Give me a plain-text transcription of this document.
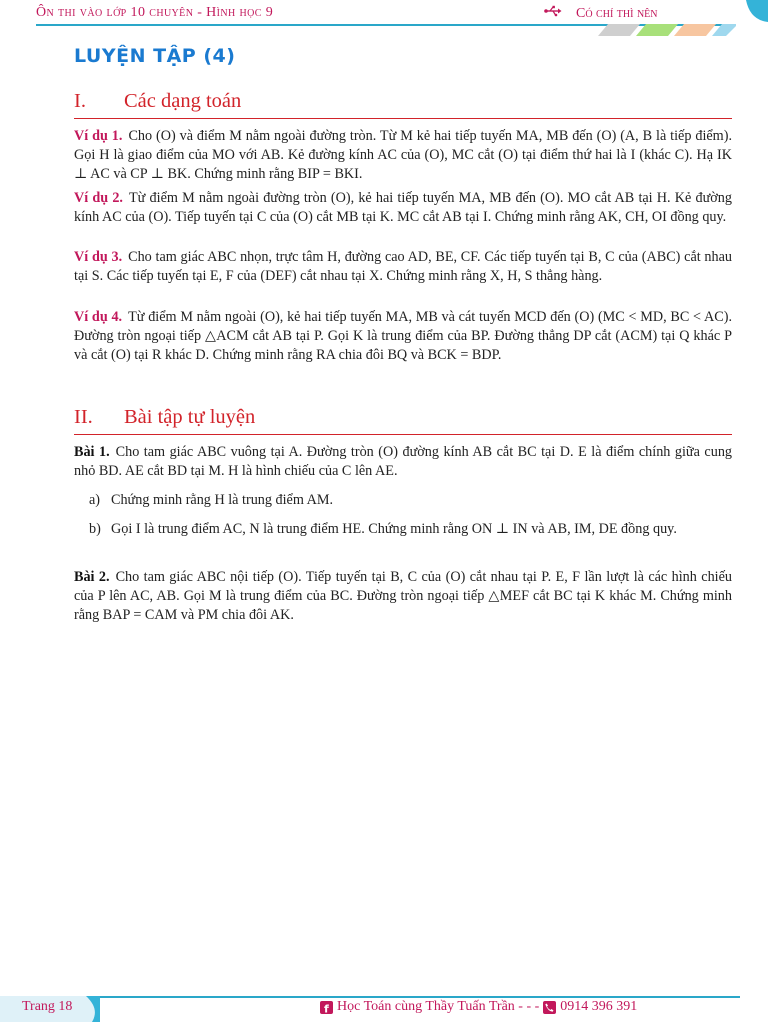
Ôn thi vào lớp 10 chuyên - Hình học 9	Có chí thì nên
LUYỆN TẬP (4)
I. Các dạng toán
Ví dụ 1. Cho (O) và điểm M nằm ngoài đường tròn. Từ M kẻ hai tiếp tuyến MA, MB đến (O) (A, B là tiếp điểm). Gọi H là giao điểm của MO với AB. Kẻ đường kính AC của (O), MC cắt (O) tại điểm thứ hai là I (khác C). Hạ IK ⊥ AC và CP ⊥ BK. Chứng minh rằng BIP = BKI.
Ví dụ 2. Từ điểm M nằm ngoài đường tròn (O), kẻ hai tiếp tuyến MA, MB đến (O). MO cắt AB tại H. Kẻ đường kính AC của (O). Tiếp tuyến tại C của (O) cắt MB tại K. MC cắt AB tại I. Chứng minh rằng AK, CH, OI đồng quy.
Ví dụ 3. Cho tam giác ABC nhọn, trực tâm H, đường cao AD, BE, CF. Các tiếp tuyến tại B, C của (ABC) cắt nhau tại S. Các tiếp tuyến tại E, F của (DEF) cắt nhau tại X. Chứng minh rằng X, H, S thẳng hàng.
Ví dụ 4. Từ điểm M nằm ngoài (O), kẻ hai tiếp tuyến MA, MB và cát tuyến MCD đến (O) (MC < MD, BC < AC). Đường tròn ngoại tiếp △ACM cắt AB tại P. Gọi K là trung điểm của BP. Đường thẳng DP cắt (ACM) tại Q khác P và cắt (O) tại R khác D. Chứng minh rằng RA chia đôi BQ và BCK = BDP.
II. Bài tập tự luyện
Bài 1. Cho tam giác ABC vuông tại A. Đường tròn (O) đường kính AB cắt BC tại D. E là điểm chính giữa cung nhỏ BD. AE cắt BD tại M. H là hình chiếu của C lên AE.
a) Chứng minh rằng H là trung điểm AM.
b) Gọi I là trung điểm AC, N là trung điểm HE. Chứng minh rằng ON ⊥ IN và AB, IM, DE đồng quy.
Bài 2. Cho tam giác ABC nội tiếp (O). Tiếp tuyến tại B, C của (O) cắt nhau tại P. E, F lần lượt là các hình chiếu của P lên AC, AB. Gọi M là trung điểm của BC. Đường tròn ngoại tiếp △MEF cắt BC tại K khác M. Chứng minh rằng BAP = CAM và PM chia đôi AK.
Trang 18	f Học Toán cùng Thầy Tuấn Trần - - - 0914 396 391
